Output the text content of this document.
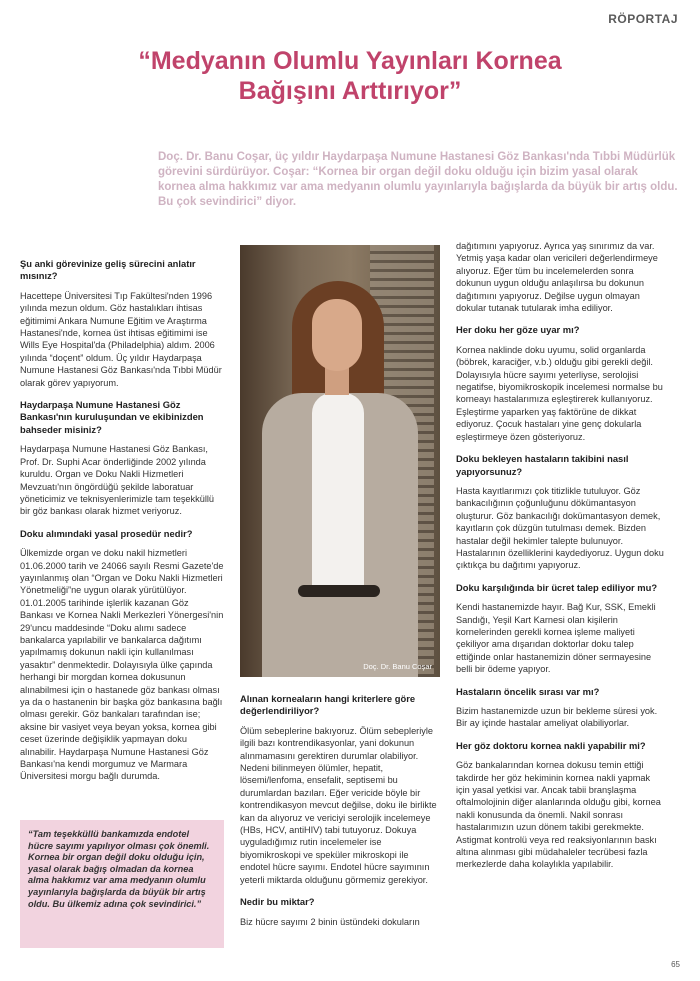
RÖPORTAJ
“Medyanın Olumlu Yayınları Kornea
Bağışını Arttırıyor”

Doç. Dr. Banu Coşar, üç yıldır Haydarpaşa Numune Hastanesi Göz Bankası'nda Tıbbi Müdürlük görevini sürdürüyor. Coşar: “Kornea bir organ değil doku olduğu için bizim yasal olarak kornea alma hakkımız var ama medyanın olumlu yayınlarıyla bağışlarda da büyük bir artış oldu. Bu çok sevindirici” diyor.

Şu anki görevinize geliş sürecini anlatır mısınız?
Hacettepe Üniversitesi Tıp Fakültesi'nden 1996 yılında mezun oldum. Göz hastalıkları ihtisas eğitimimi Ankara Numune Eğitim ve Araştırma Hastanesi'nde, kornea üst ihtisas eğitimimi ise Wills Eye Hospital'da (Philadelphia) aldım. 2006 yılında “doçent” oldum. Üç yıldır Haydarpaşa Numune Hastanesi Göz Bankası'nda Tıbbi Müdür olarak görev yapıyorum.
Haydarpaşa Numune Hastanesi Göz Bankası'nın kuruluşundan ve ekibinizden bahseder misiniz?
Haydarpaşa Numune Hastanesi Göz Bankası, Prof. Dr. Suphi Acar önderliğinde 2002 yılında kuruldu. Organ ve Doku Nakli Hizmetleri Mevzuatı'nın öngördüğü şekilde laboratuar yöneticimiz ve teknisyenlerimizle tam teşekküllü bir göz bankası olarak hizmet veriyoruz.
Doku alımındaki yasal prosedür nedir?
Ülkemizde organ ve doku nakil hizmetleri 01.06.2000 tarih ve 24066 sayılı Resmi Gazete'de yayınlanmış olan “Organ ve Doku Nakli Hizmetleri Yönetmeliği”ne uygun olarak yürütülüyor. 01.01.2005 tarihinde işlerlik kazanan Göz Bankası ve Kornea Nakli Merkezleri Yönergesi'nin 29'uncu maddesinde “Doku alımı sadece bankalarca yapılabilir ve bankalarca dağıtımı yapılmamış dokunun nakli için kullanılması yasaktır” denmektedir. Dolayısıyla ülke çapında herhangi bir morgdan kornea dokusunun alınabilmesi için o hastanede göz bankası olması ya da o hastanenin bir başka göz bankasına bağlı olması gerekir. Göz bankaları tarafından ise; aksine bir vasiyet veya beyan yoksa, kornea gibi ceset üzerinde değişiklik yapmayan doku alınabilir. Haydarpaşa Numune Hastanesi Göz Bankası'na kendi morgumuz ve Marmara Üniversitesi morgu bağlı durumda.
Doç. Dr. Banu Coşar
Alınan korneaların hangi kriterlere göre değerlendiriliyor?
Ölüm sebeplerine bakıyoruz. Ölüm sebepleriyle ilgili bazı kontrendikasyonlar, yani dokunun alınmamasını gerektiren durumlar olabiliyor. Nedeni bilinmeyen ölümler, hepatit, lösemi/lenfoma, ensefalit, septisemi bu durumlardan bazıları. Eğer vericide böyle bir kontrendikasyon mevcut değilse, doku ile birlikte kan da alıyoruz ve vericiyi serolojik incelemeye (HBs, HCV, antiHIV) tabi tutuyoruz. Dokuya uyguladığımız rutin incelemeler ise biyomikroskopi ve speküler mikroskopi ile endotel hücre sayımı. Endotel hücre sayımının yeterli miktarda olduğunu görmemiz gerekiyor.
Nedir bu miktar?
Biz hücre sayımı 2 binin üstündeki dokuların
dağıtımını yapıyoruz. Ayrıca yaş sınırımız da var. Yetmiş yaşa kadar olan vericileri değerlendirmeye alıyoruz. Eğer tüm bu incelemelerden sonra dokunun uygun olduğu anlaşılırsa bu dokunun dağıtımını yapıyoruz. Değilse uygun olmayan dokular tutanak tutularak imha ediliyor.
Her doku her göze uyar mı?
Kornea naklinde doku uyumu, solid organlarda (böbrek, karaciğer, v.b.) olduğu gibi gerekli değil. Dolayısıyla hücre sayımı yeterliyse, serolojisi negatifse, biyomikroskopik incelemesi normalse bu korneayı hastalarımıza eşleştirerek kullanıyoruz. Eşleştirme yaparken yaş faktörüne de dikkat ediyoruz. Çocuk hastaları yine genç dokularla eşleştirmeye özen gösteriyoruz.
Doku bekleyen hastaların takibini nasıl yapıyorsunuz?
Hasta kayıtlarımızı çok titizlikle tutuluyor. Göz bankacılığının çoğunluğunu dökümantasyon oluşturur. Göz bankacılığı dokümantasyon demek, kayıtların çok düzgün tutulması demek. Bizden hastalar değil hekimler talepte bulunuyor. Hastalarının özelliklerini kaydediyoruz. Uygun doku çıktıkça bu dağıtımı yapıyoruz.
Doku karşılığında bir ücret talep ediliyor mu?
Kendi hastanemizde hayır. Bağ Kur, SSK, Emekli Sandığı, Yeşil Kart Karnesi olan kişilerin kornelerinden gerekli kornea işleme maliyeti çekiliyor ama dışarıdan doktorlar doku talep ettiğinde onlar hastanemizin döner sermayesine belli bir ödeme yapıyor.
Hastaların öncelik sırası var mı?
Bizim hastanemizde uzun bir bekleme süresi yok. Bir ay içinde hastalar ameliyat olabiliyorlar.
Her göz doktoru kornea nakli yapabilir mi?
Göz bankalarından kornea dokusu temin ettiği takdirde her göz hekiminin kornea nakli yapmak için yasal yetkisi var. Ancak tabii branşlaşma oftalmolojinin diğer alanlarında olduğu gibi, kornea nakli konusunda da önemli. Nakil sonrası hastalarımızın uzun dönem takibi gerekmekte. Astigmat kontrolü veya red reaksiyonlarının baskı altına alınması gibi müdahaleler tecrübesi fazla merkezlerde daha kolaylıkla yapılabilir.

“Tam teşekküllü bankamızda endotel hücre sayımı yapılıyor olması çok önemli. Kornea bir organ değil doku olduğu için, yasal olarak bağış olmadan da kornea alma hakkımız var ama medyanın olumlu yayınlarıyla bağışlarda da büyük bir artış oldu. Bu ülkemiz adına çok sevindirici.”

65
